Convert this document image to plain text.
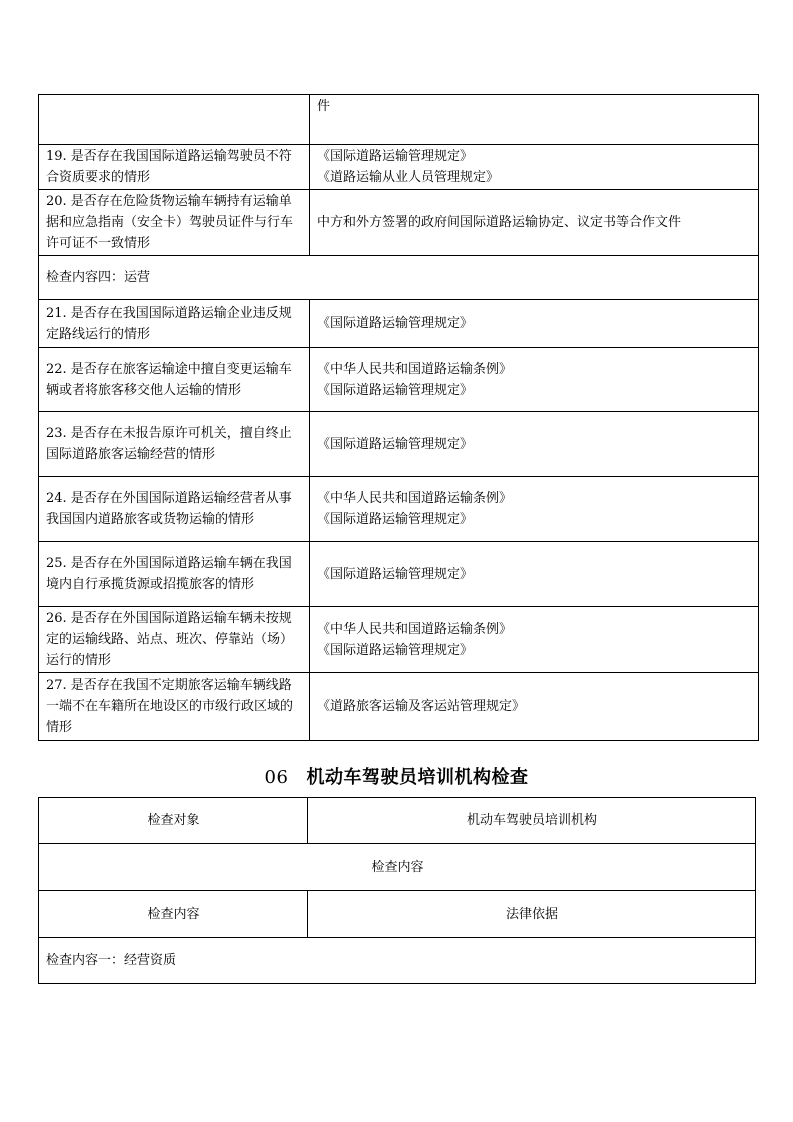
	件
19. 是否存在我国国际道路运输驾驶员不符合资质要求的情形	《国际道路运输管理规定》
《道路运输从业人员管理规定》

20. 是否存在危险货物运输车辆持有运输单据和应急指南（安全卡）驾驶员证件与行车许可证不一致情形	中方和外方签署的政府间国际道路运输协定、议定书等合作文件

检查内容四：运营	
21. 是否存在我国国际道路运输企业违反规定路线运行的情形	《国际道路运输管理规定》

22. 是否存在旅客运输途中擅自变更运输车辆或者将旅客移交他人运输的情形	《中华人民共和国道路运输条例》
《国际道路运输管理规定》

23. 是否存在未报告原许可机关，擅自终止国际道路旅客运输经营的情形	《国际道路运输管理规定》

24. 是否存在外国国际道路运输经营者从事我国国内道路旅客或货物运输的情形	《中华人民共和国道路运输条例》
《国际道路运输管理规定》

25. 是否存在外国国际道路运输车辆在我国境内自行承揽货源或招揽旅客的情形	《国际道路运输管理规定》

26. 是否存在外国国际道路运输车辆未按规定的运输线路、站点、班次、停靠站（场）运行的情形	《中华人民共和国道路运输条例》
《国际道路运输管理规定》

27. 是否存在我国不定期旅客运输车辆线路一端不在车籍所在地设区的市级行政区域的情形	《道路旅客运输及客运站管理规定》
06 机动车驾驶员培训机构检查
检查对象	机动车驾驶员培训机构
检查内容	
检查内容	法律依据
检查内容一：经营资质	
